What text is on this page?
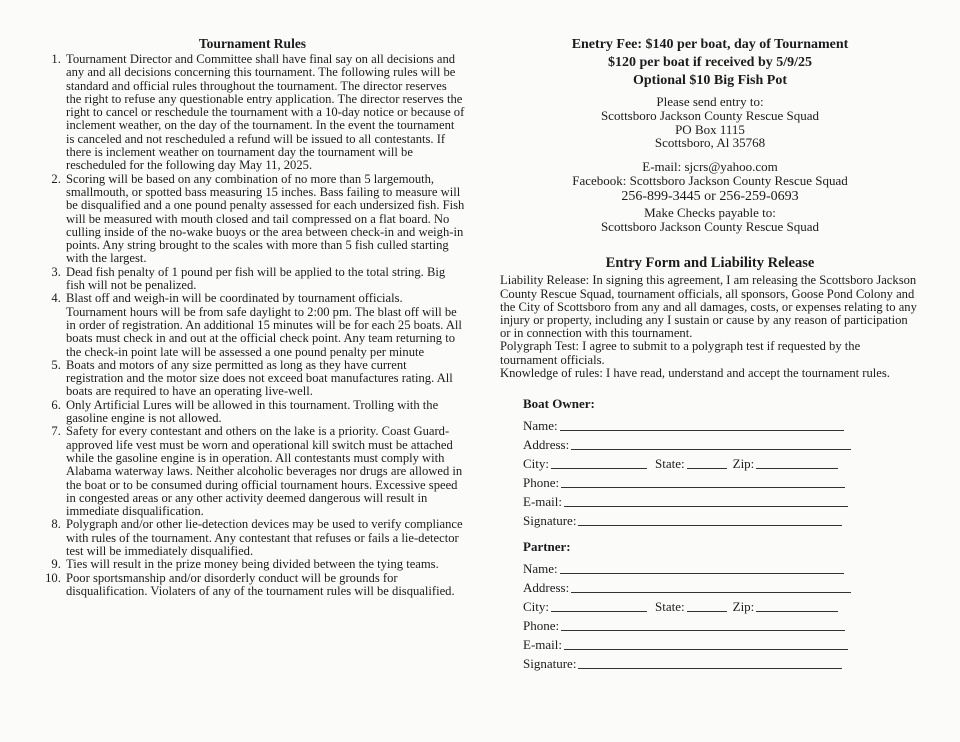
Tournament Rules
1. Tournament Director and Committee shall have final say on all decisions and any and all decisions concerning this tournament. The following rules will be standard and official rules throughout the tournament. The director reserves the right to refuse any questionable entry application. The director reserves the right to cancel or reschedule the tournament with a 10-day notice or because of inclement weather, on the day of the tournament. In the event the tournament is canceled and not rescheduled a refund will be issued to all contestants. If there is inclement weather on tournament day the tournament will be rescheduled for the following day May 11, 2025.
2. Scoring will be based on any combination of no more than 5 largemouth, smallmouth, or spotted bass measuring 15 inches. Bass failing to measure will be disqualified and a one pound penalty assessed for each undersized fish. Fish will be measured with mouth closed and tail compressed on a flat board. No culling inside of the no-wake buoys or the area between check-in and weigh-in points. Any string brought to the scales with more than 5 fish culled starting with the largest.
3. Dead fish penalty of 1 pound per fish will be applied to the total string. Big fish will not be penalized.
4. Blast off and weigh-in will be coordinated by tournament officials. Tournament hours will be from safe daylight to 2:00 pm. The blast off will be in order of registration. An additional 15 minutes will be for each 25 boats. All boats must check in and out at the official check point. Any team returning to the check-in point late will be assessed a one pound penalty per minute
5. Boats and motors of any size permitted as long as they have current registration and the motor size does not exceed boat manufactures rating. All boats are required to have an operating live-well.
6. Only Artificial Lures will be allowed in this tournament. Trolling with the gasoline engine is not allowed.
7. Safety for every contestant and others on the lake is a priority. Coast Guard-approved life vest must be worn and operational kill switch must be attached while the gasoline engine is in operation. All contestants must comply with Alabama waterway laws. Neither alcoholic beverages nor drugs are allowed in the boat or to be consumed during official tournament hours. Excessive speed in congested areas or any other activity deemed dangerous will result in immediate disqualification.
8. Polygraph and/or other lie-detection devices may be used to verify compliance with rules of the tournament. Any contestant that refuses or fails a lie-detector test will be immediately disqualified.
9. Ties will result in the prize money being divided between the tying teams.
10. Poor sportsmanship and/or disorderly conduct will be grounds for disqualification. Violaters of any of the tournament rules will be disqualified.
Enetry Fee: $140 per boat, day of Tournament
$120 per boat if received by 5/9/25
Optional $10 Big Fish Pot
Please send entry to:
Scottsboro Jackson County Rescue Squad
PO Box 1115
Scottsboro, Al 35768
E-mail: sjcrs@yahoo.com
Facebook: Scottsboro Jackson County Rescue Squad
256-899-3445 or 256-259-0693
Make Checks payable to:
Scottsboro Jackson County Rescue Squad
Entry Form and Liability Release

Liability Release: In signing this agreement, I am releasing the Scottsboro Jackson County Rescue Squad, tournament officials, all sponsors, Goose Pond Colony and the City of Scottsboro from any and all damages, costs, or expenses relating to any injury or property, including any I sustain or cause by any reason of participation or in connection with this tournament.

Polygraph Test: I agree to submit to a polygraph test if requested by the tournament officials.

Knowledge of rules: I have read, understand and accept the tournament rules.

Boat Owner:
Name:
Address:
City:	State:	Zip:
Phone:
E-mail:
Signature:
Partner:
Name:
Address:
City:	State:	Zip:
Phone:
E-mail:
Signature:
